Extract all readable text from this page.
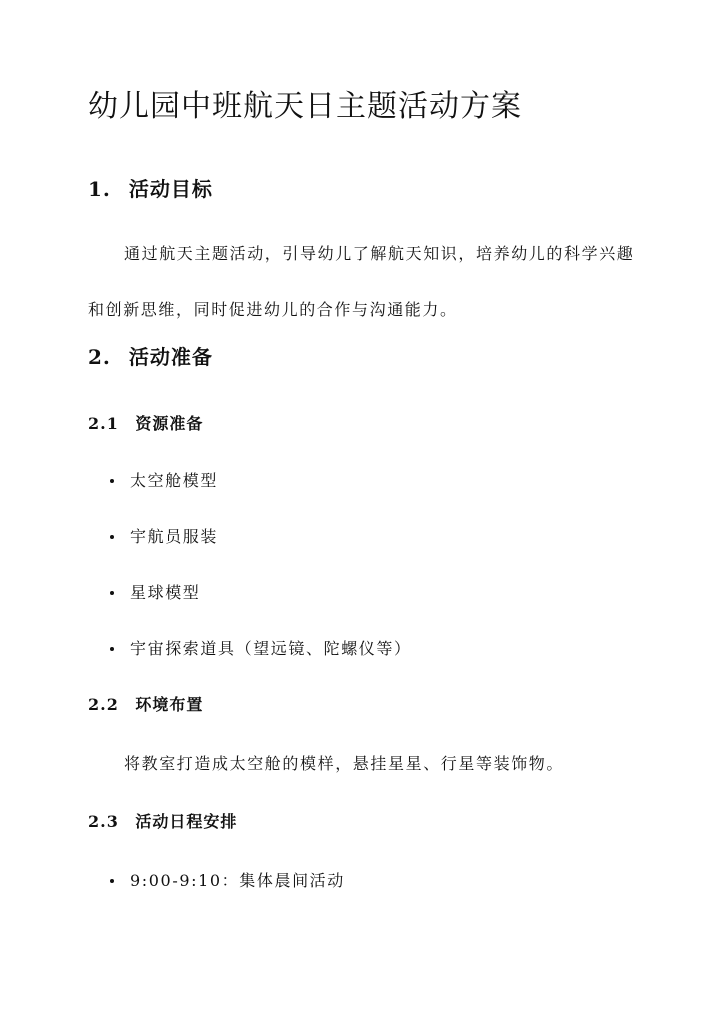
幼儿园中班航天日主题活动方案
1. 活动目标

通过航天主题活动，引导幼儿了解航天知识，培养幼儿的科学兴趣和创新思维，同时促进幼儿的合作与沟通能力。

2. 活动准备
2.1 资源准备
太空舱模型
宇航员服装
星球模型
宇宙探索道具（望远镜、陀螺仪等）
2.2 环境布置

将教室打造成太空舱的模样，悬挂星星、行星等装饰物。

2.3 活动日程安排
9:00-9:10：集体晨间活动
